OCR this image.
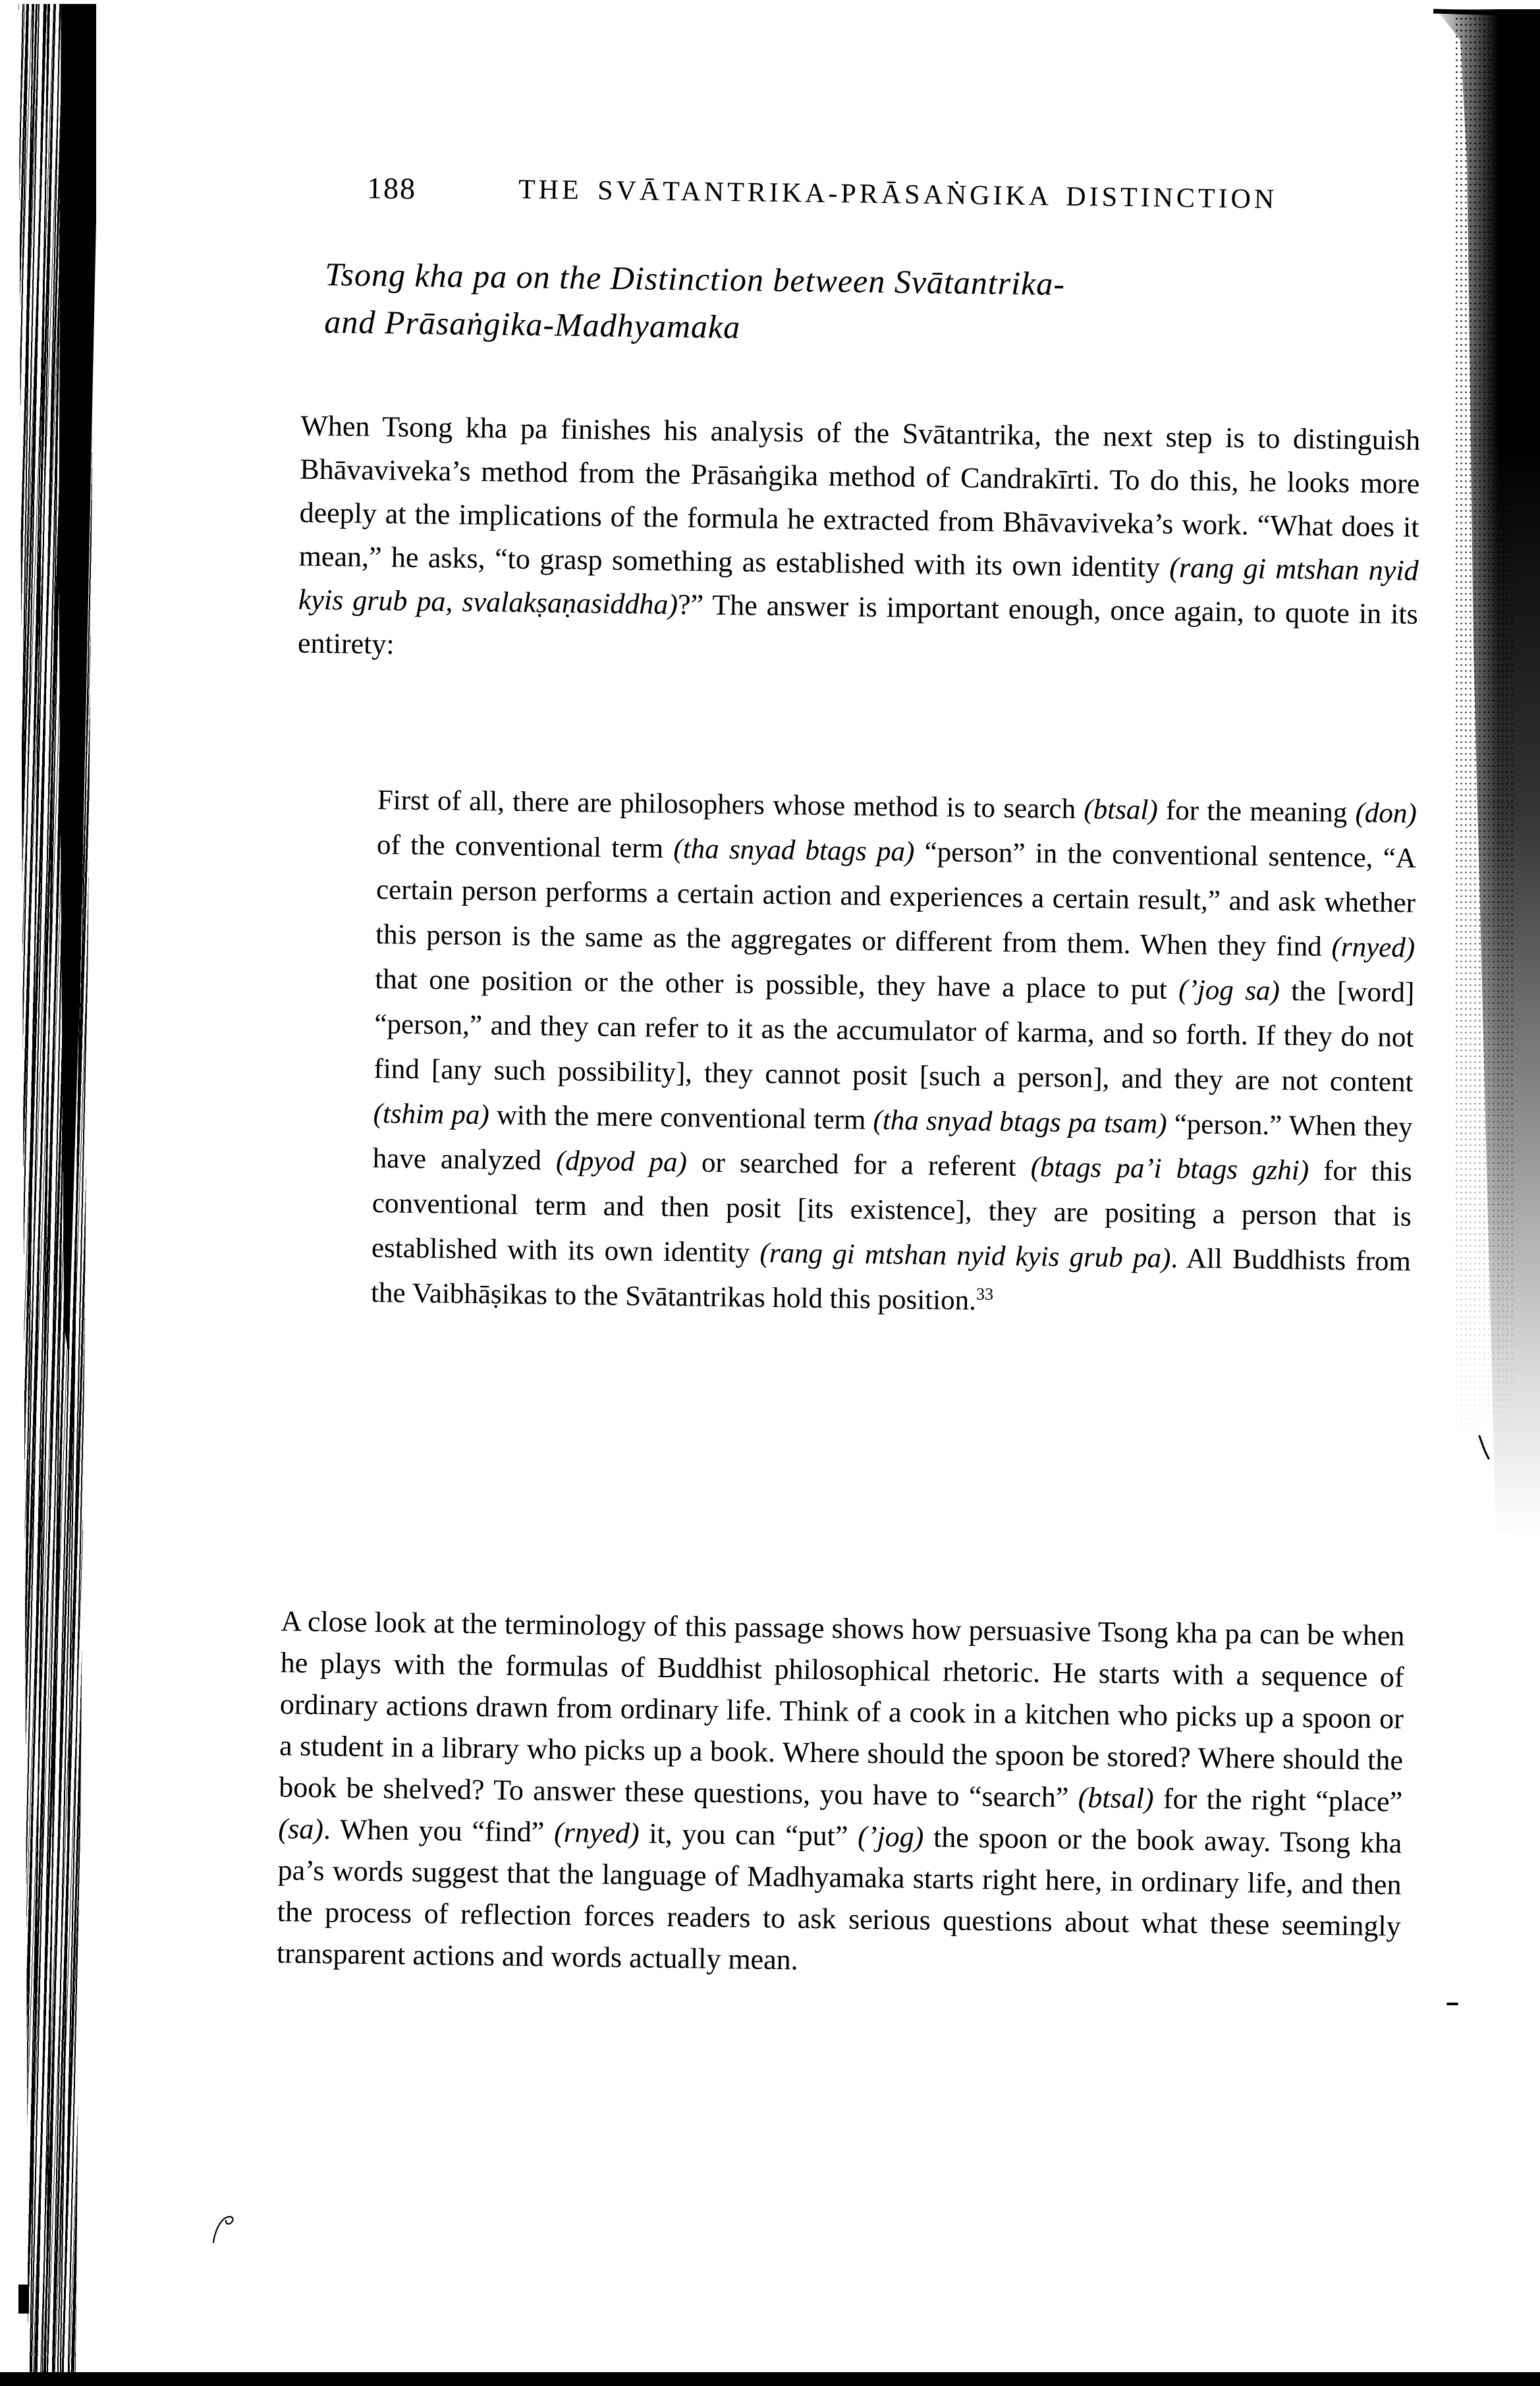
188	THE SVĀTANTRIKA-PRĀSAṄGIKA DISTINCTION
Tsong kha pa on the Distinction between Svātantrika-
and Prāsaṅgika-Madhyamaka

When Tsong kha pa finishes his analysis of the Svātantrika, the next step is to distinguish Bhāvaviveka’s method from the Prāsaṅgika method of Candrakīrti. To do this, he looks more deeply at the implications of the formula he extracted from Bhāvaviveka’s work. “What does it mean,” he asks, “to grasp something as established with its own identity (rang gi mtshan nyid kyis grub pa, svalakṣaṇasiddha)?” The answer is important enough, once again, to quote in its entirety:

First of all, there are philosophers whose method is to search (btsal) for the meaning (don) of the conventional term (tha snyad btags pa) “person” in the conventional sentence, “A certain person performs a certain action and experiences a certain result,” and ask whether this person is the same as the aggregates or different from them. When they find (rnyed) that one position or the other is possible, they have a place to put (’jog sa) the [word] “person,” and they can refer to it as the accumulator of karma, and so forth. If they do not find [any such possibility], they cannot posit [such a person], and they are not content (tshim pa) with the mere conventional term (tha snyad btags pa tsam) “person.” When they have analyzed (dpyod pa) or searched for a referent (btags pa’i btags gzhi) for this conventional term and then posit [its existence], they are positing a person that is established with its own identity (rang gi mtshan nyid kyis grub pa). All Buddhists from the Vaibhāṣikas to the Svātantrikas hold this position.$^{33}$

A close look at the terminology of this passage shows how persuasive Tsong kha pa can be when he plays with the formulas of Buddhist philosophical rhetoric. He starts with a sequence of ordinary actions drawn from ordinary life. Think of a cook in a kitchen who picks up a spoon or a student in a library who picks up a book. Where should the spoon be stored? Where should the book be shelved? To answer these questions, you have to “search” (btsal) for the right “place” (sa). When you “find” (rnyed) it, you can “put” (’jog) the spoon or the book away. Tsong kha pa’s words suggest that the language of Madhyamaka starts right here, in ordinary life, and then the process of reflection forces readers to ask serious questions about what these seemingly transparent actions and words actually mean.
